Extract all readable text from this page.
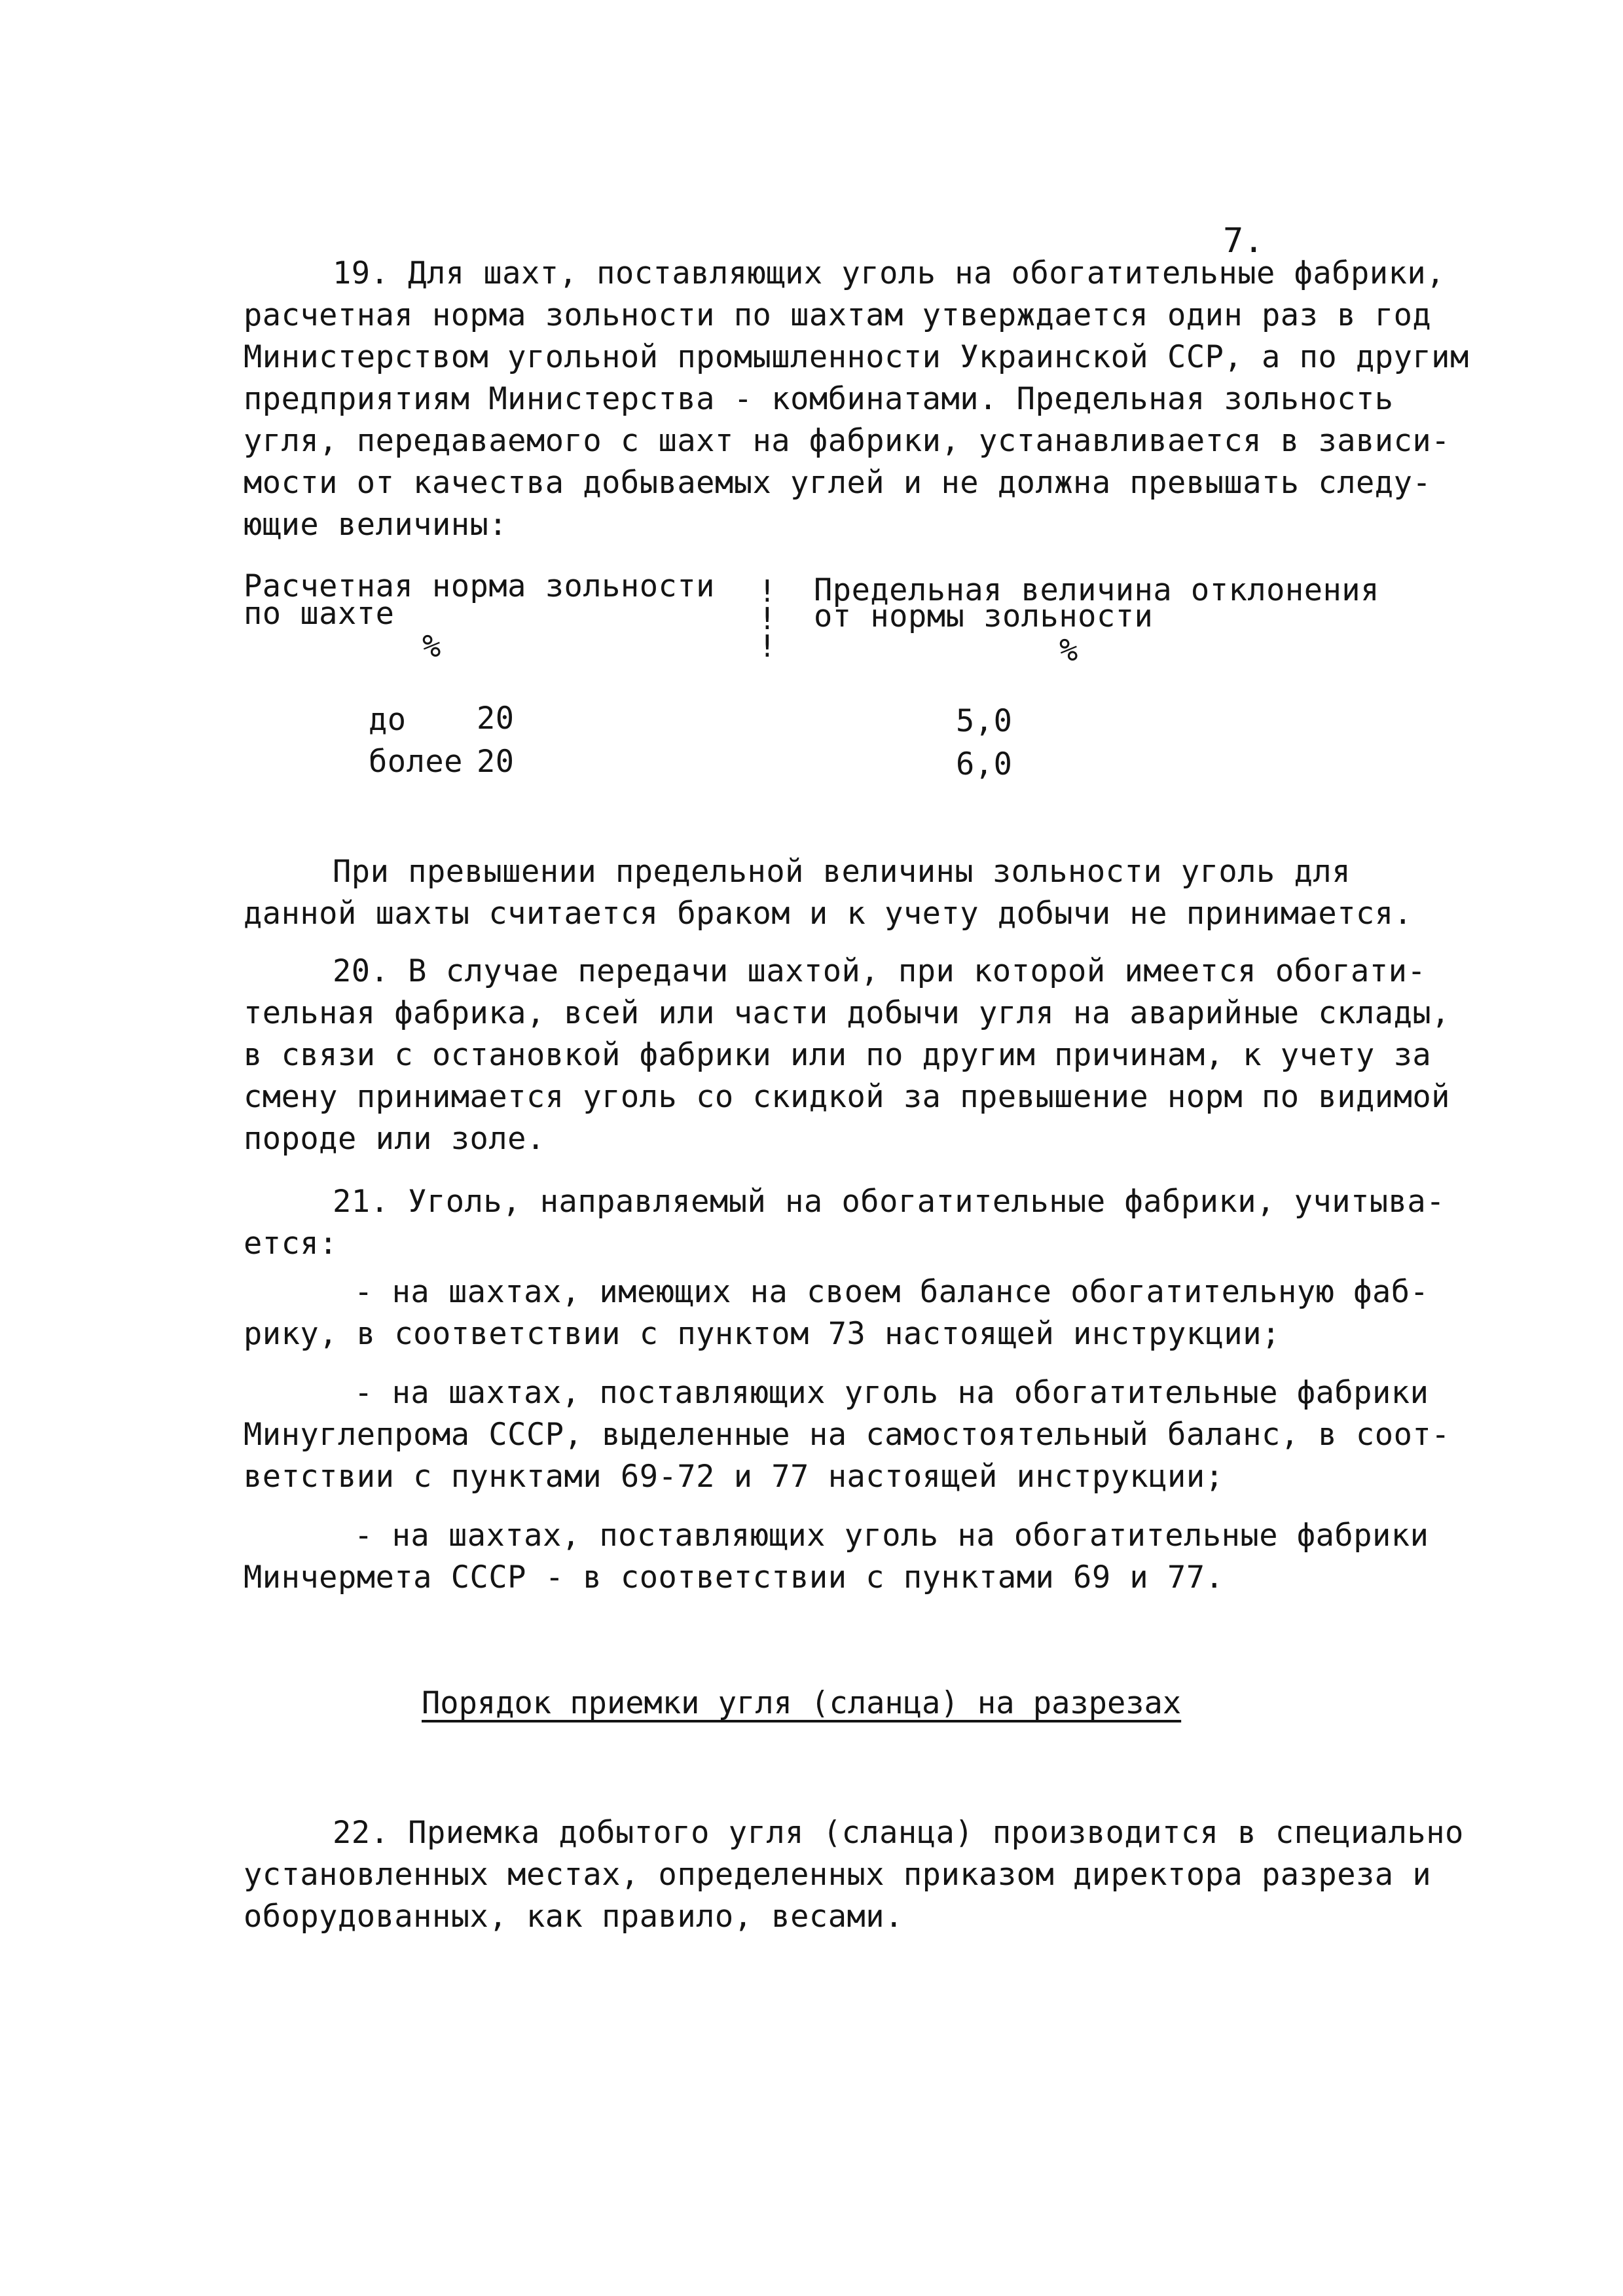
7.
19. Для шахт, поставляющих уголь на обогатительные фабрики,
расчетная норма зольности по шахтам утверждается один раз в год
Министерством угольной промышленности Украинской ССР, а по другим
предприятиям Министерства - комбинатами. Предельная зольность
угля, передаваемого с шахт на фабрики, устанавливается в зависи-
мости от качества добываемых углей и не должна превышать следу-
ющие величины:
Расчетная норма зольности
по шахте
%
!
!
!
Предельная величина отклонения
от нормы зольности
%
до 20	5,0
более 20	6,0
При превышении предельной величины зольности уголь для
данной шахты считается браком и к учету добычи не принимается.
20. В случае передачи шахтой, при которой имеется обогати-
тельная фабрика, всей или части добычи угля на аварийные склады,
в связи с остановкой фабрики или по другим причинам, к учету за
смену принимается уголь со скидкой за превышение норм по видимой
породе или золе.
21. Уголь, направляемый на обогатительные фабрики, учитыва-
ется:
- на шахтах, имеющих на своем балансе обогатительную фаб-
рику, в соответствии с пунктом 73 настоящей инструкции;
- на шахтах, поставляющих уголь на обогатительные фабрики
Минуглепрома СССР, выделенные на самостоятельный баланс, в соот-
ветствии с пунктами 69-72 и 77 настоящей инструкции;
- на шахтах, поставляющих уголь на обогатительные фабрики
Минчермета СССР - в соответствии с пунктами 69 и 77.
Порядок приемки угля (сланца) на разрезах
22. Приемка добытого угля (сланца) производится в специально
установленных местах, определенных приказом директора разреза и
оборудованных, как правило, весами.
